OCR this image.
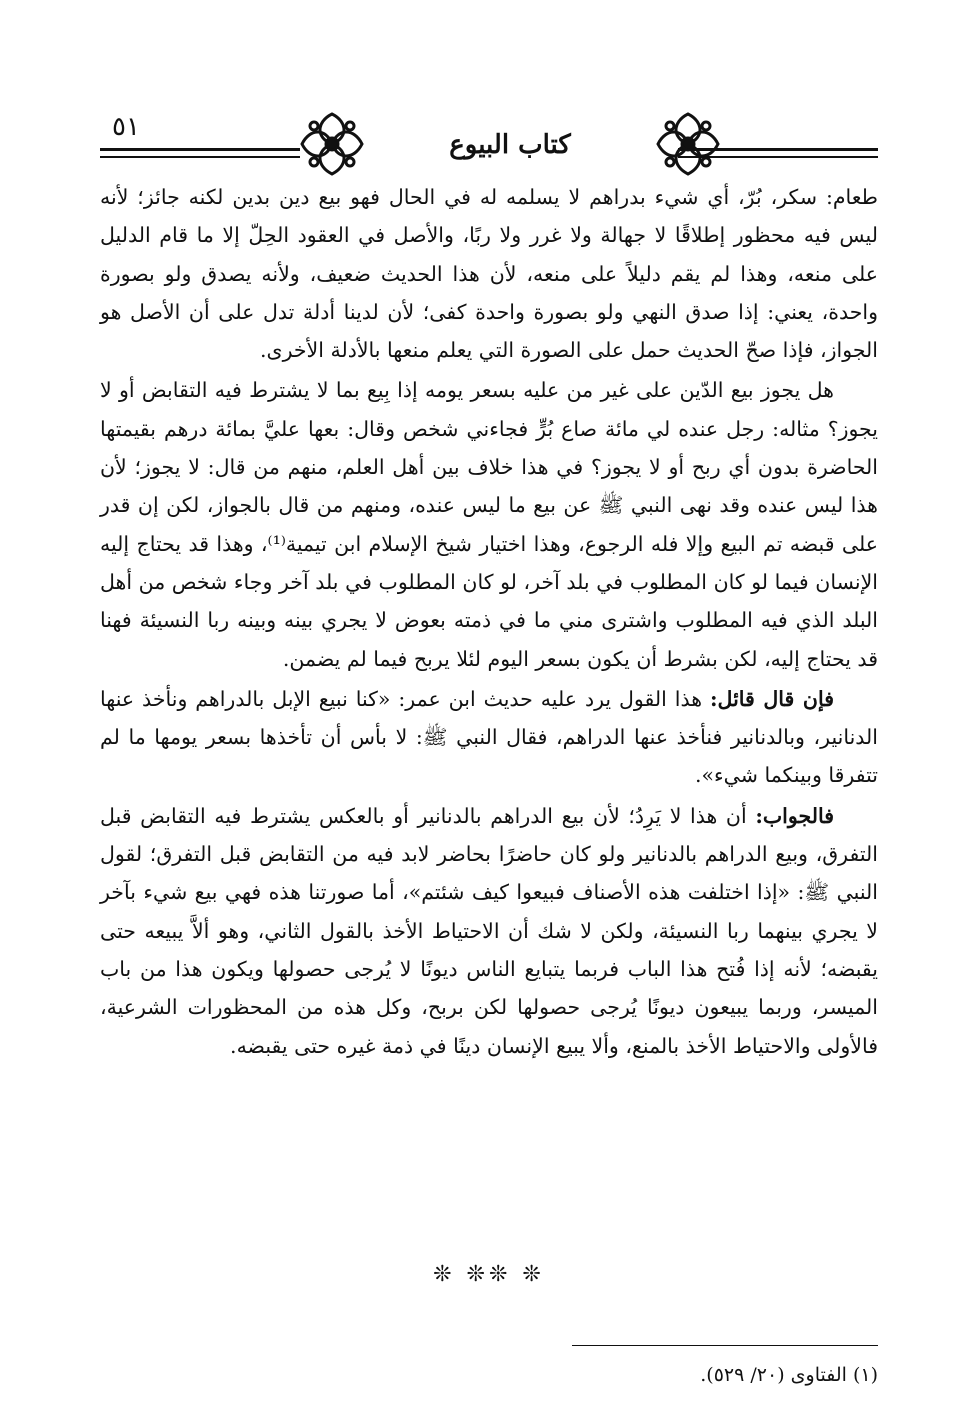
٥١
كتاب البيوع

طعام: سكر، بُرّ، أي شيء بدراهم لا يسلمه له في الحال فهو بيع دين بدين لكنه جائز؛ لأنه ليس فيه محظور إطلاقًا لا جهالة ولا غرر ولا ربًا، والأصل في العقود الحِلّ إلا ما قام الدليل على منعه، وهذا لم يقم دليلاً على منعه، لأن هذا الحديث ضعيف، ولأنه يصدق ولو بصورة واحدة، يعني: إذا صدق النهي ولو بصورة واحدة كفى؛ لأن لدينا أدلة تدل على أن الأصل هو الجواز، فإذا صحّ الحديث حمل على الصورة التي يعلم منعها بالأدلة الأخرى.

هل يجوز بيع الدّين على غير من عليه بسعر يومه إذا بِيع بما لا يشترط فيه التقابض أو لا يجوز؟ مثاله: رجل عنده لي مائة صاع بُرٍّ فجاءني شخص وقال: بعها عليَّ بمائة درهم بقيمتها الحاضرة بدون أي ربح أو لا يجوز؟ في هذا خلاف بين أهل العلم، منهم من قال: لا يجوز؛ لأن هذا ليس عنده وقد نهى النبي ﷺ عن بيع ما ليس عنده، ومنهم من قال بالجواز، لكن إن قدر على قبضه تم البيع وإلا فله الرجوع، وهذا اختيار شيخ الإسلام ابن تيمية⁽¹⁾، وهذا قد يحتاج إليه الإنسان فيما لو كان المطلوب في بلد آخر، لو كان المطلوب في بلد آخر وجاء شخص من أهل البلد الذي فيه المطلوب واشترى مني ما في ذمته بعوض لا يجري بينه وبينه ربا النسيئة فهنا قد يحتاج إليه، لكن بشرط أن يكون بسعر اليوم لئلا يربح فيما لم يضمن.

فإن قال قائل: هذا القول يرد عليه حديث ابن عمر: «كنا نبيع الإبل بالدراهم ونأخذ عنها الدنانير، وبالدنانير فنأخذ عنها الدراهم، فقال النبي ﷺ: لا بأس أن تأخذها بسعر يومها ما لم تتفرقا وبينكما شيء».

فالجواب: أن هذا لا يَرِدُ؛ لأن بيع الدراهم بالدنانير أو بالعكس يشترط فيه التقابض قبل التفرق، وبيع الدراهم بالدنانير ولو كان حاضرًا بحاضر لابد فيه من التقابض قبل التفرق؛ لقول النبي ﷺ: «إذا اختلفت هذه الأصناف فبيعوا كيف شئتم»، أما صورتنا هذه فهي بيع شيء بآخر لا يجري بينهما ربا النسيئة، ولكن لا شك أن الاحتياط الأخذ بالقول الثاني، وهو ألاَّ يبيعه حتى يقبضه؛ لأنه إذا فُتح هذا الباب فربما يتبايع الناس ديونًا لا يُرجى حصولها ويكون هذا من باب الميسر، وربما يبيعون ديونًا يُرجى حصولها لكن بربح، وكل هذه من المحظورات الشرعية، فالأولى والاحتياط الأخذ بالمنع، وألا يبيع الإنسان دينًا في ذمة غيره حتى يقبضه.

❊ ❊❊ ❊
(١) الفتاوى (٢٠/ ٥٢٩).
